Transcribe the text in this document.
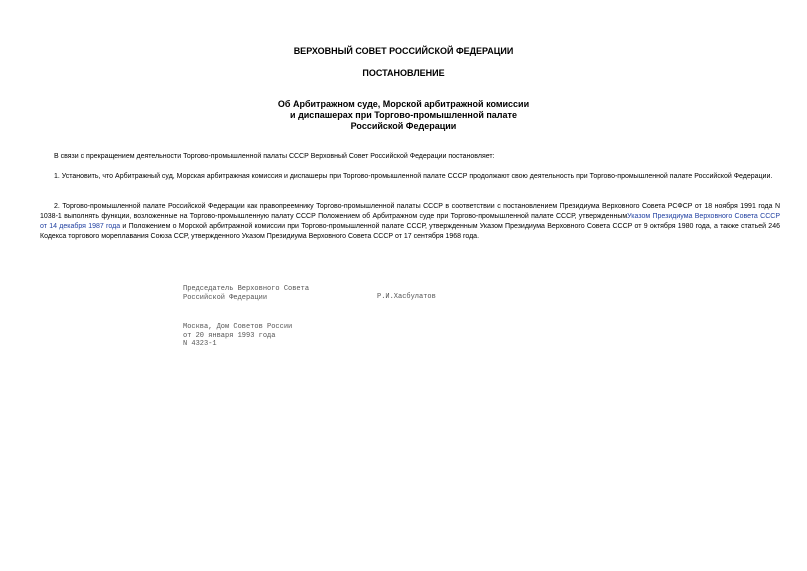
ВЕРХОВНЫЙ СОВЕТ РОССИЙСКОЙ ФЕДЕРАЦИИ

ПОСТАНОВЛЕНИЕ

Об Арбитражном суде, Морской арбитражной комиссии
и диспашерах при Торгово-промышленной палате
Российской Федерации

В связи с прекращением деятельности Торгово-промышленной палаты СССР Верховный Совет Российской Федерации постановляет:

1. Установить, что Арбитражный суд, Морская арбитражная комиссия и диспашеры при Торгово-промышленной палате СССР продолжают свою деятельность при Торгово-промышленной палате Российской Федерации.

2. Торгово-промышленной палате Российской Федерации как правопреемнику Торгово-промышленной палаты СССР в соответствии с постановлением Президиума Верховного Совета РСФСР от 18 ноября 1991 года N 1038-1 выполнять функции, возложенные на Торгово-промышленную палату СССР Положением об Арбитражном суде при Торгово-промышленной палате СССР, утвержденнымУказом Президиума Верховного Совета СССР от 14 декабря 1987 года и Положением о Морской арбитражной комиссии при Торгово-промышленной палате СССР, утвержденным Указом Президиума Верховного Совета СССР от 9 октября 1980 года, а также статьей 246 Кодекса торгового мореплавания Союза ССР, утвержденного Указом Президиума Верховного Совета СССР от 17 сентября 1968 года.

Председатель Верховного Совета
Российской Федерации	Р.И.Хасбулатов

Москва, Дом Советов России
от 20 января 1993 года
N 4323-1
